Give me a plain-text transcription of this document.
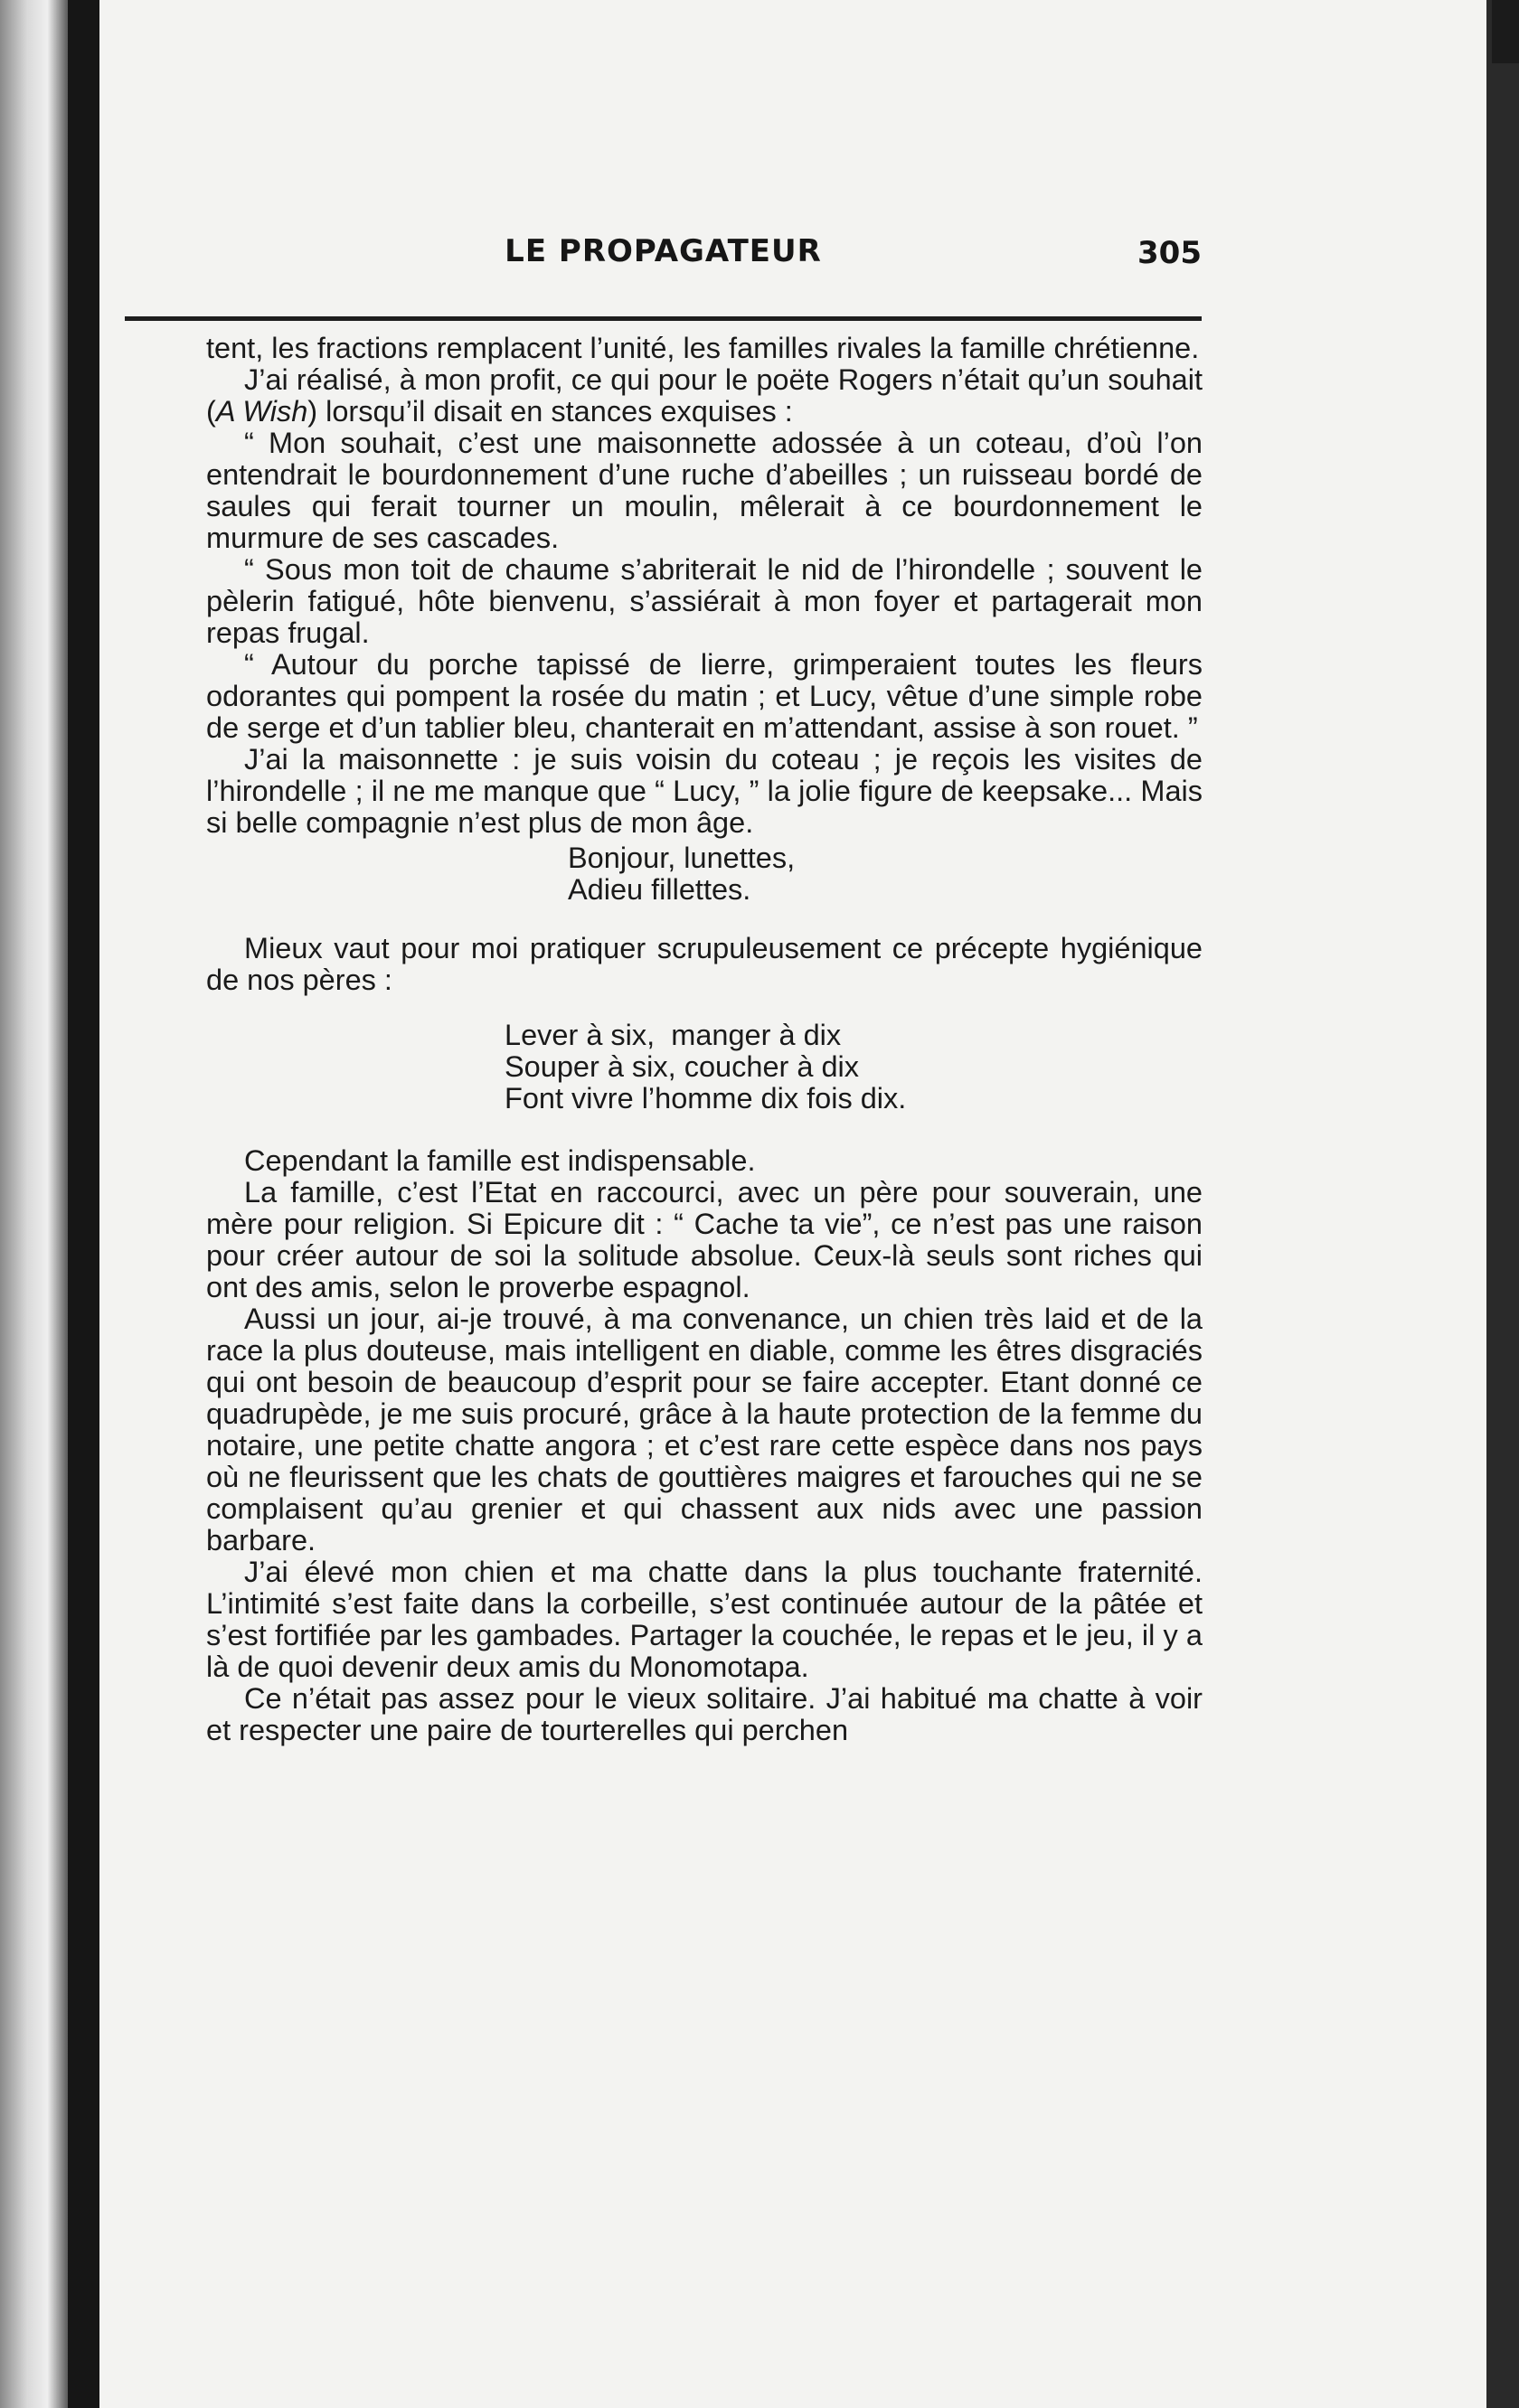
LE PROPAGATEUR	305

tent, les fractions remplacent l’unité, les familles rivales la famille chrétienne.

J’ai réalisé, à mon profit, ce qui pour le poëte Rogers n’était qu’un souhait (A Wish) lorsqu’il disait en stances exquises :

“ Mon souhait, c’est une maisonnette adossée à un coteau, d’où l’on entendrait le bourdonnement d’une ruche d’abeilles ; un ruisseau bordé de saules qui ferait tourner un moulin, mêlerait à ce bourdonnement le murmure de ses cascades.

“ Sous mon toit de chaume s’abriterait le nid de l’hirondelle ; souvent le pèlerin fatigué, hôte bienvenu, s’assiérait à mon foyer et partagerait mon repas frugal.

“ Autour du porche tapissé de lierre, grimperaient toutes les fleurs odorantes qui pompent la rosée du matin ; et Lucy, vêtue d’une simple robe de serge et d’un tablier bleu, chanterait en m’attendant, assise à son rouet. ”

J’ai la maisonnette : je suis voisin du coteau ; je reçois les visites de l’hirondelle ; il ne me manque que “ Lucy, ” la jolie figure de keepsake... Mais si belle compagnie n’est plus de mon âge.

Bonjour, lunettes,
Adieu fillettes.

Mieux vaut pour moi pratiquer scrupuleusement ce précepte hygiénique de nos pères :

Lever à six,  manger à dix
Souper à six, coucher à dix
Font vivre l’homme dix fois dix.

Cependant la famille est indispensable.

La famille, c’est l’Etat en raccourci, avec un père pour souverain, une mère pour religion. Si Epicure dit : “ Cache ta vie”, ce n’est pas une raison pour créer autour de soi la solitude absolue. Ceux-là seuls sont riches qui ont des amis, selon le proverbe espagnol.

Aussi un jour, ai-je trouvé, à ma convenance, un chien très laid et de la race la plus douteuse, mais intelligent en diable, comme les êtres disgraciés qui ont besoin de beaucoup d’esprit pour se faire accepter. Etant donné ce quadrupède, je me suis procuré, grâce à la haute protection de la femme du notaire, une petite chatte angora ; et c’est rare cette espèce dans nos pays où ne fleurissent que les chats de gouttières maigres et farouches qui ne se complaisent qu’au grenier et qui chassent aux nids avec une passion barbare.

J’ai élevé mon chien et ma chatte dans la plus touchante fraternité. L’intimité s’est faite dans la corbeille, s’est continuée autour de la pâtée et s’est fortifiée par les gambades. Partager la couchée, le repas et le jeu, il y a là de quoi devenir deux amis du Monomotapa.

Ce n’était pas assez pour le vieux solitaire. J’ai habitué ma chatte à voir et respecter une paire de tourterelles qui perchen
